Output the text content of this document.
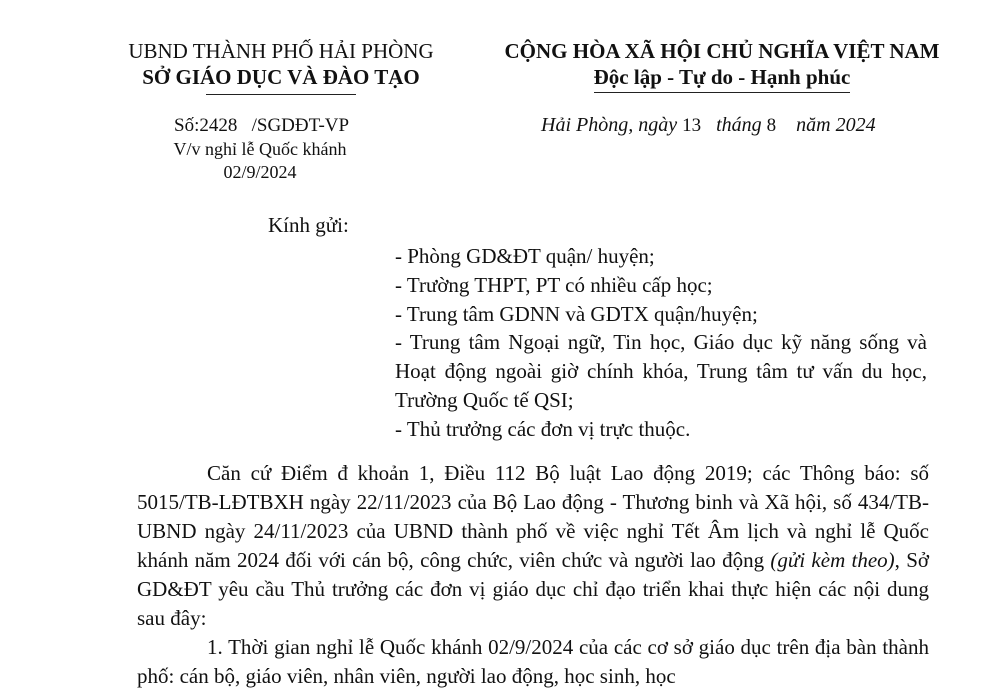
UBND THÀNH PHỐ HẢI PHÒNG
SỞ GIÁO DỤC VÀ ĐÀO TẠO
CỘNG HÒA XÃ HỘI CHỦ NGHĨA VIỆT NAM
Độc lập - Tự do - Hạnh phúc
Số:2428 /SGDĐT-VP
V/v nghỉ lễ Quốc khánh
02/9/2024
Hải Phòng, ngày 13 tháng 8 năm 2024
Kính gửi:

- Phòng GD&ĐT quận/ huyện;

- Trường THPT, PT có nhiều cấp học;

- Trung tâm GDNN và GDTX quận/huyện;

- Trung tâm Ngoại ngữ, Tin học, Giáo dục kỹ năng sống và Hoạt động ngoài giờ chính khóa, Trung tâm tư vấn du học, Trường Quốc tế QSI;

- Thủ trưởng các đơn vị trực thuộc.

Căn cứ Điểm đ khoản 1, Điều 112 Bộ luật Lao động 2019; các Thông báo: số 5015/TB-LĐTBXH ngày 22/11/2023 của Bộ Lao động - Thương binh và Xã hội, số 434/TB-UBND ngày 24/11/2023 của UBND thành phố về việc nghỉ Tết Âm lịch và nghỉ lễ Quốc khánh năm 2024 đối với cán bộ, công chức, viên chức và người lao động (gửi kèm theo), Sở GD&ĐT yêu cầu Thủ trưởng các đơn vị giáo dục chỉ đạo triển khai thực hiện các nội dung sau đây:

1. Thời gian nghỉ lễ Quốc khánh 02/9/2024 của các cơ sở giáo dục trên địa bàn thành phố: cán bộ, giáo viên, nhân viên, người lao động, học sinh, học
